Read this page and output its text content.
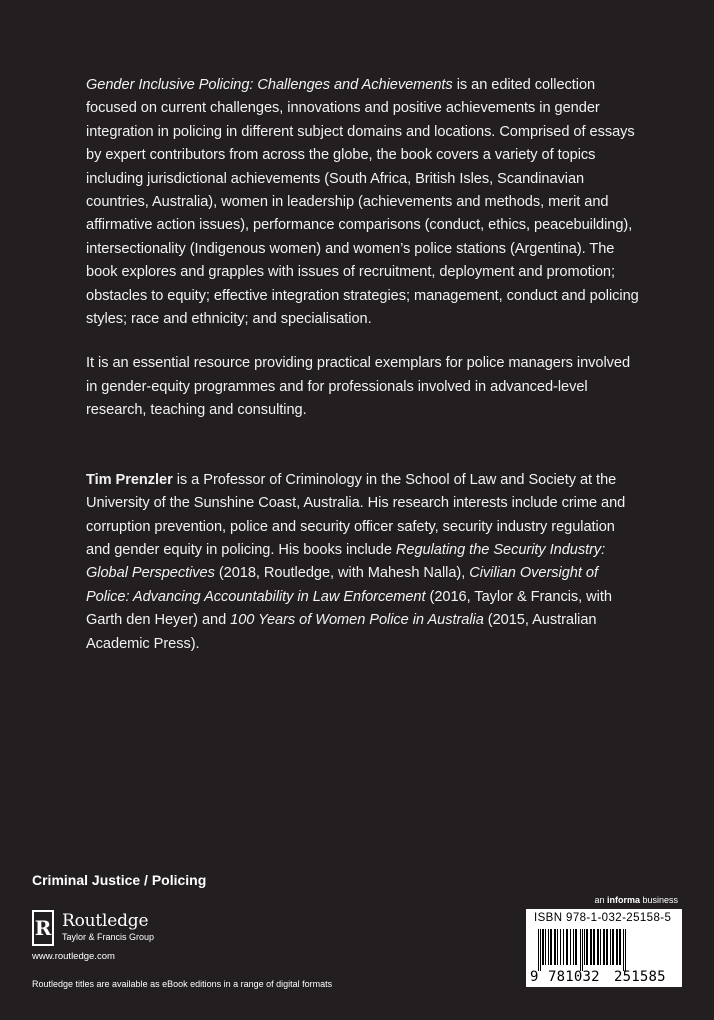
Gender Inclusive Policing: Challenges and Achievements is an edited collection focused on current challenges, innovations and positive achievements in gender integration in policing in different subject domains and locations. Comprised of essays by expert contributors from across the globe, the book covers a variety of topics including jurisdictional achievements (South Africa, British Isles, Scandinavian countries, Australia), women in leadership (achievements and methods, merit and affirmative action issues), performance comparisons (conduct, ethics, peacebuilding), intersectionality (Indigenous women) and women’s police stations (Argentina). The book explores and grapples with issues of recruitment, deployment and promotion; obstacles to equity; effective integration strategies; management, conduct and policing styles; race and ethnicity; and specialisation.

It is an essential resource providing practical exemplars for police managers involved in gender-equity programmes and for professionals involved in advanced-level research, teaching and consulting.

Tim Prenzler is a Professor of Criminology in the School of Law and Society at the University of the Sunshine Coast, Australia. His research interests include crime and corruption prevention, police and security officer safety, security industry regulation and gender equity in policing. His books include Regulating the Security Industry: Global Perspectives (2018, Routledge, with Mahesh Nalla), Civilian Oversight of Police: Advancing Accountability in Law Enforcement (2016, Taylor & Francis, with Garth den Heyer) and 100 Years of Women Police in Australia (2015, Australian Academic Press).

Criminal Justice / Policing
R Routledge
Taylor & Francis Group
www.routledge.com
Routledge titles are available as eBook editions in a range of digital formats
an informa business
ISBN 978-1-032-25158-5
9 781032 251585
